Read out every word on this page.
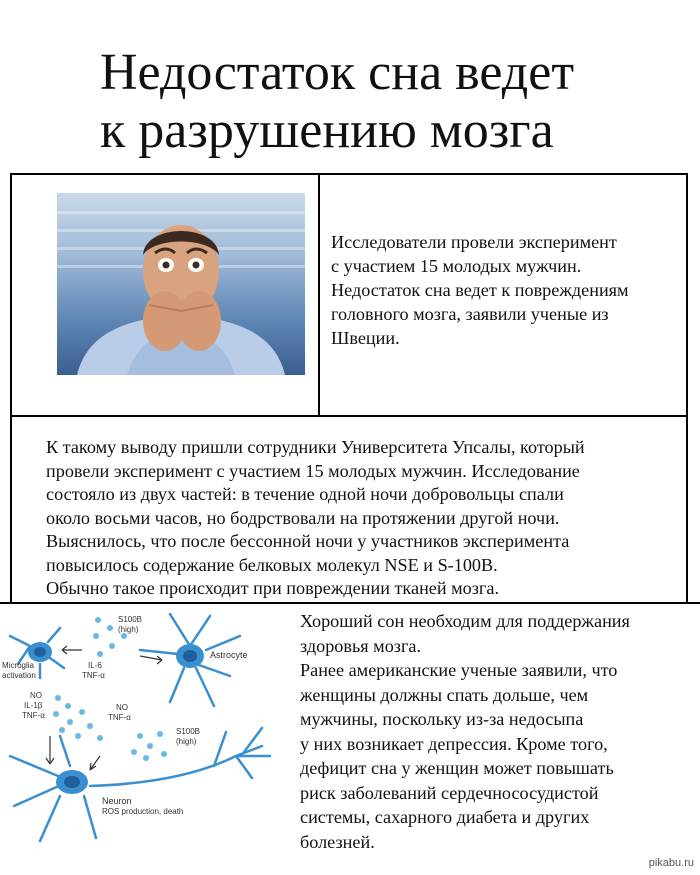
Недостаток сна ведет
к разрушению мозга
Исследователи провели эксперимент
с участием 15 молодых мужчин.
Недостаток сна ведет к повреждениям
головного мозга, заявили ученые из
Швеции.
К такому выводу пришли сотрудники Университета Упсалы, который
провели эксперимент с участием 15 молодых мужчин. Исследование
состояло из двух частей: в течение одной ночи добровольцы спали
около восьми часов, но бодрствовали на протяжении другой ночи.
Выяснилось, что после бессонной ночи у участников эксперимента
повысилось содержание белковых молекул NSE и S-100B.
Обычно такое происходит при повреждении тканей мозга.
S100B
(high)
Astrocyte
Microglia
activation
IL-6
TNF-α
NO
IL-1β
TNF-α
NO
TNF-α
S100B
(high)
Neuron
ROS production, death
Хороший сон необходим для поддержания
здоровья мозга.
Ранее американские ученые заявили, что
женщины должны спать дольше, чем
мужчины, поскольку из-за недосыпа
у них возникает депрессия. Кроме того,
дефицит сна у женщин может повышать
риск заболеваний сердечнососудистой
системы, сахарного диабета и других
болезней.
pikabu.ru
